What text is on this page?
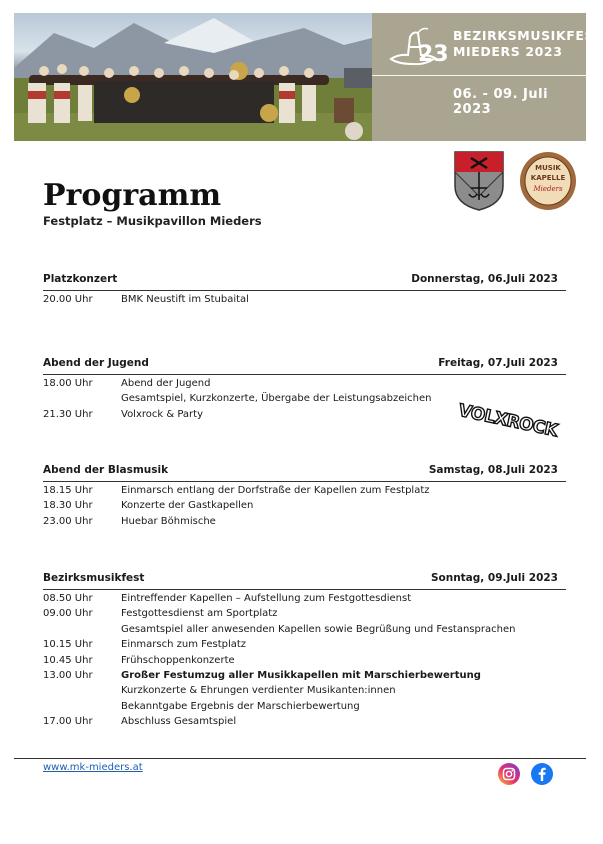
23
BEZIRKSMUSIKFEST
MIEDERS 2023
06. - 09. Juli 2023
MUSIK
KAPELLE
Mieders
Programm
Festplatz – Musikpavillon Mieders
Platzkonzert	Donnerstag, 06.Juli 2023
20.00 Uhr	BMK Neustift im Stubaital
Abend der Jugend	Freitag, 07.Juli 2023
18.00 Uhr	Abend der Jugend
Gesamtspiel, Kurzkonzerte, Übergabe der Leistungsabzeichen
21.30 Uhr	Volxrock & Party	VOLXROCK
Abend der Blasmusik	Samstag, 08.Juli 2023
18.15 Uhr	Einmarsch entlang der Dorfstraße der Kapellen zum Festplatz
18.30 Uhr	Konzerte der Gastkapellen
23.00 Uhr	Huebar Böhmische
Bezirksmusikfest	Sonntag, 09.Juli 2023
08.50 Uhr	Eintreffender Kapellen – Aufstellung zum Festgottesdienst
09.00 Uhr	Festgottesdienst am Sportplatz
Gesamtspiel aller anwesenden Kapellen sowie Begrüßung und Festansprachen
10.15 Uhr	Einmarsch zum Festplatz
10.45 Uhr	Frühschoppenkonzerte
13.00 Uhr	Großer Festumzug aller Musikkapellen mit Marschierbewertung
Kurzkonzerte & Ehrungen verdienter Musikanten:innen
Bekanntgabe Ergebnis der Marschierbewertung
17.00 Uhr	Abschluss Gesamtspiel
www.mk-mieders.at
